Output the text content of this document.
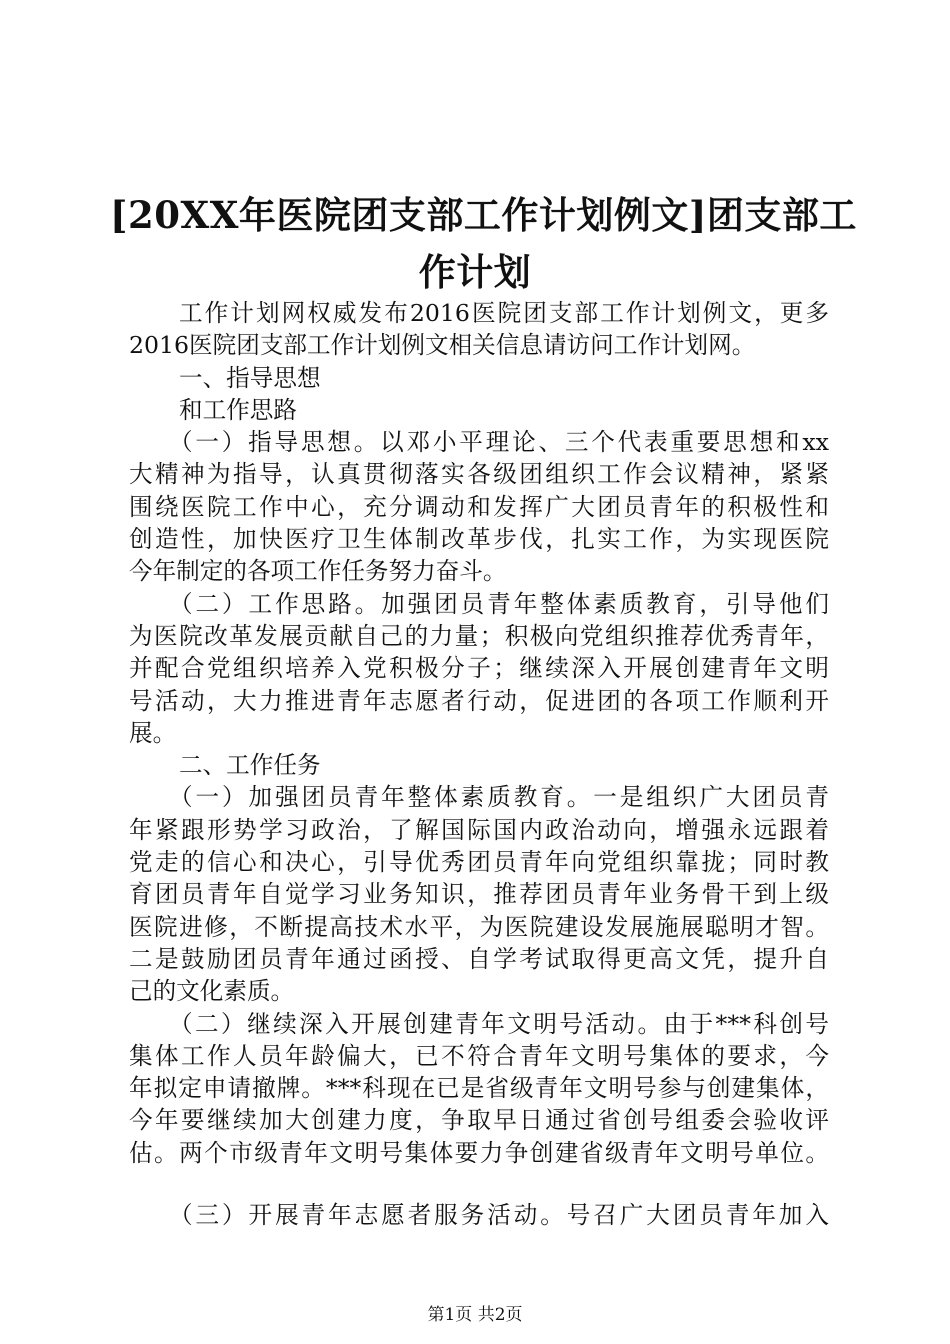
[20XX年医院团支部工作计划例文]团支部工
作计划
工作计划网权威发布2016医院团支部工作计划例文，更多
2016医院团支部工作计划例文相关信息请访问工作计划网。
一、指导思想
和工作思路
（一）指导思想。以邓小平理论、三个代表重要思想和xx
大精神为指导，认真贯彻落实各级团组织工作会议精神，紧紧
围绕医院工作中心，充分调动和发挥广大团员青年的积极性和
创造性，加快医疗卫生体制改革步伐，扎实工作，为实现医院
今年制定的各项工作任务努力奋斗。
（二）工作思路。加强团员青年整体素质教育，引导他们
为医院改革发展贡献自己的力量；积极向党组织推荐优秀青年，
并配合党组织培养入党积极分子；继续深入开展创建青年文明
号活动，大力推进青年志愿者行动，促进团的各项工作顺利开
展。
二、工作任务
（一）加强团员青年整体素质教育。一是组织广大团员青
年紧跟形势学习政治，了解国际国内政治动向，增强永远跟着
党走的信心和决心，引导优秀团员青年向党组织靠拢；同时教
育团员青年自觉学习业务知识，推荐团员青年业务骨干到上级
医院进修，不断提高技术水平，为医院建设发展施展聪明才智。
二是鼓励团员青年通过函授、自学考试取得更高文凭，提升自
己的文化素质。
（二）继续深入开展创建青年文明号活动。由于***科创号
集体工作人员年龄偏大，已不符合青年文明号集体的要求，今
年拟定申请撤牌。***科现在已是省级青年文明号参与创建集体，
今年要继续加大创建力度，争取早日通过省创号组委会验收评
估。两个市级青年文明号集体要力争创建省级青年文明号单位。
（三）开展青年志愿者服务活动。号召广大团员青年加入
第1页 共2页
